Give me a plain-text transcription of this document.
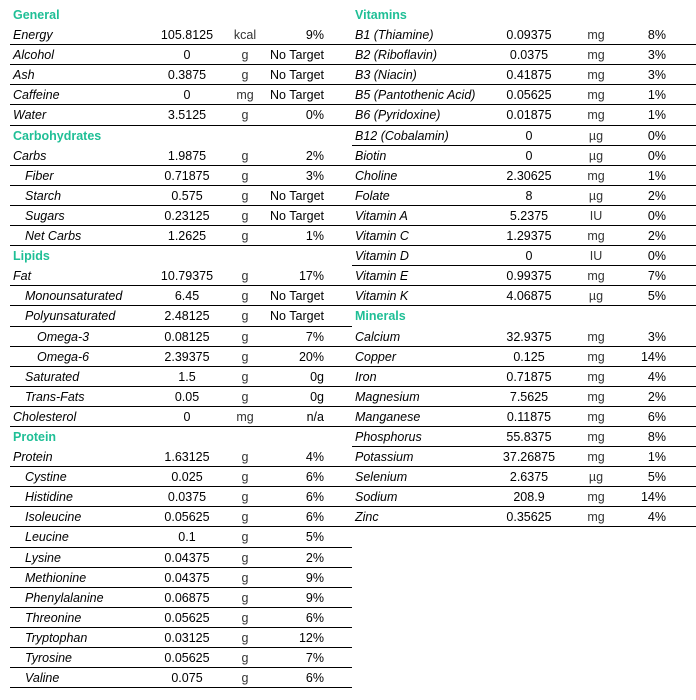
General
Energy	105.8125	kcal	9%
Alcohol	0	g	No Target
Ash	0.3875	g	No Target
Caffeine	0	mg	No Target
Water	3.5125	g	0%
Carbohydrates
Carbs	1.9875	g	2%
Fiber	0.71875	g	3%
Starch	0.575	g	No Target
Sugars	0.23125	g	No Target
Net Carbs	1.2625	g	1%
Lipids
Fat	10.79375	g	17%
Monounsaturated	6.45	g	No Target
Polyunsaturated	2.48125	g	No Target
Omega-3	0.08125	g	7%
Omega-6	2.39375	g	20%
Saturated	1.5	g	0g
Trans-Fats	0.05	g	0g
Cholesterol	0	mg	n/a
Protein
Protein	1.63125	g	4%
Cystine	0.025	g	6%
Histidine	0.0375	g	6%
Isoleucine	0.05625	g	6%
Leucine	0.1	g	5%
Lysine	0.04375	g	2%
Methionine	0.04375	g	9%
Phenylalanine	0.06875	g	9%
Threonine	0.05625	g	6%
Tryptophan	0.03125	g	12%
Tyrosine	0.05625	g	7%
Valine	0.075	g	6%
Vitamins
B1 (Thiamine)	0.09375	mg	8%
B2 (Riboflavin)	0.0375	mg	3%
B3 (Niacin)	0.41875	mg	3%
B5 (Pantothenic Acid)	0.05625	mg	1%
B6 (Pyridoxine)	0.01875	mg	1%
B12 (Cobalamin)	0	µg	0%
Biotin	0	µg	0%
Choline	2.30625	mg	1%
Folate	8	µg	2%
Vitamin A	5.2375	IU	0%
Vitamin C	1.29375	mg	2%
Vitamin D	0	IU	0%
Vitamin E	0.99375	mg	7%
Vitamin K	4.06875	µg	5%
Minerals
Calcium	32.9375	mg	3%
Copper	0.125	mg	14%
Iron	0.71875	mg	4%
Magnesium	7.5625	mg	2%
Manganese	0.11875	mg	6%
Phosphorus	55.8375	mg	8%
Potassium	37.26875	mg	1%
Selenium	2.6375	µg	5%
Sodium	208.9	mg	14%
Zinc	0.35625	mg	4%
